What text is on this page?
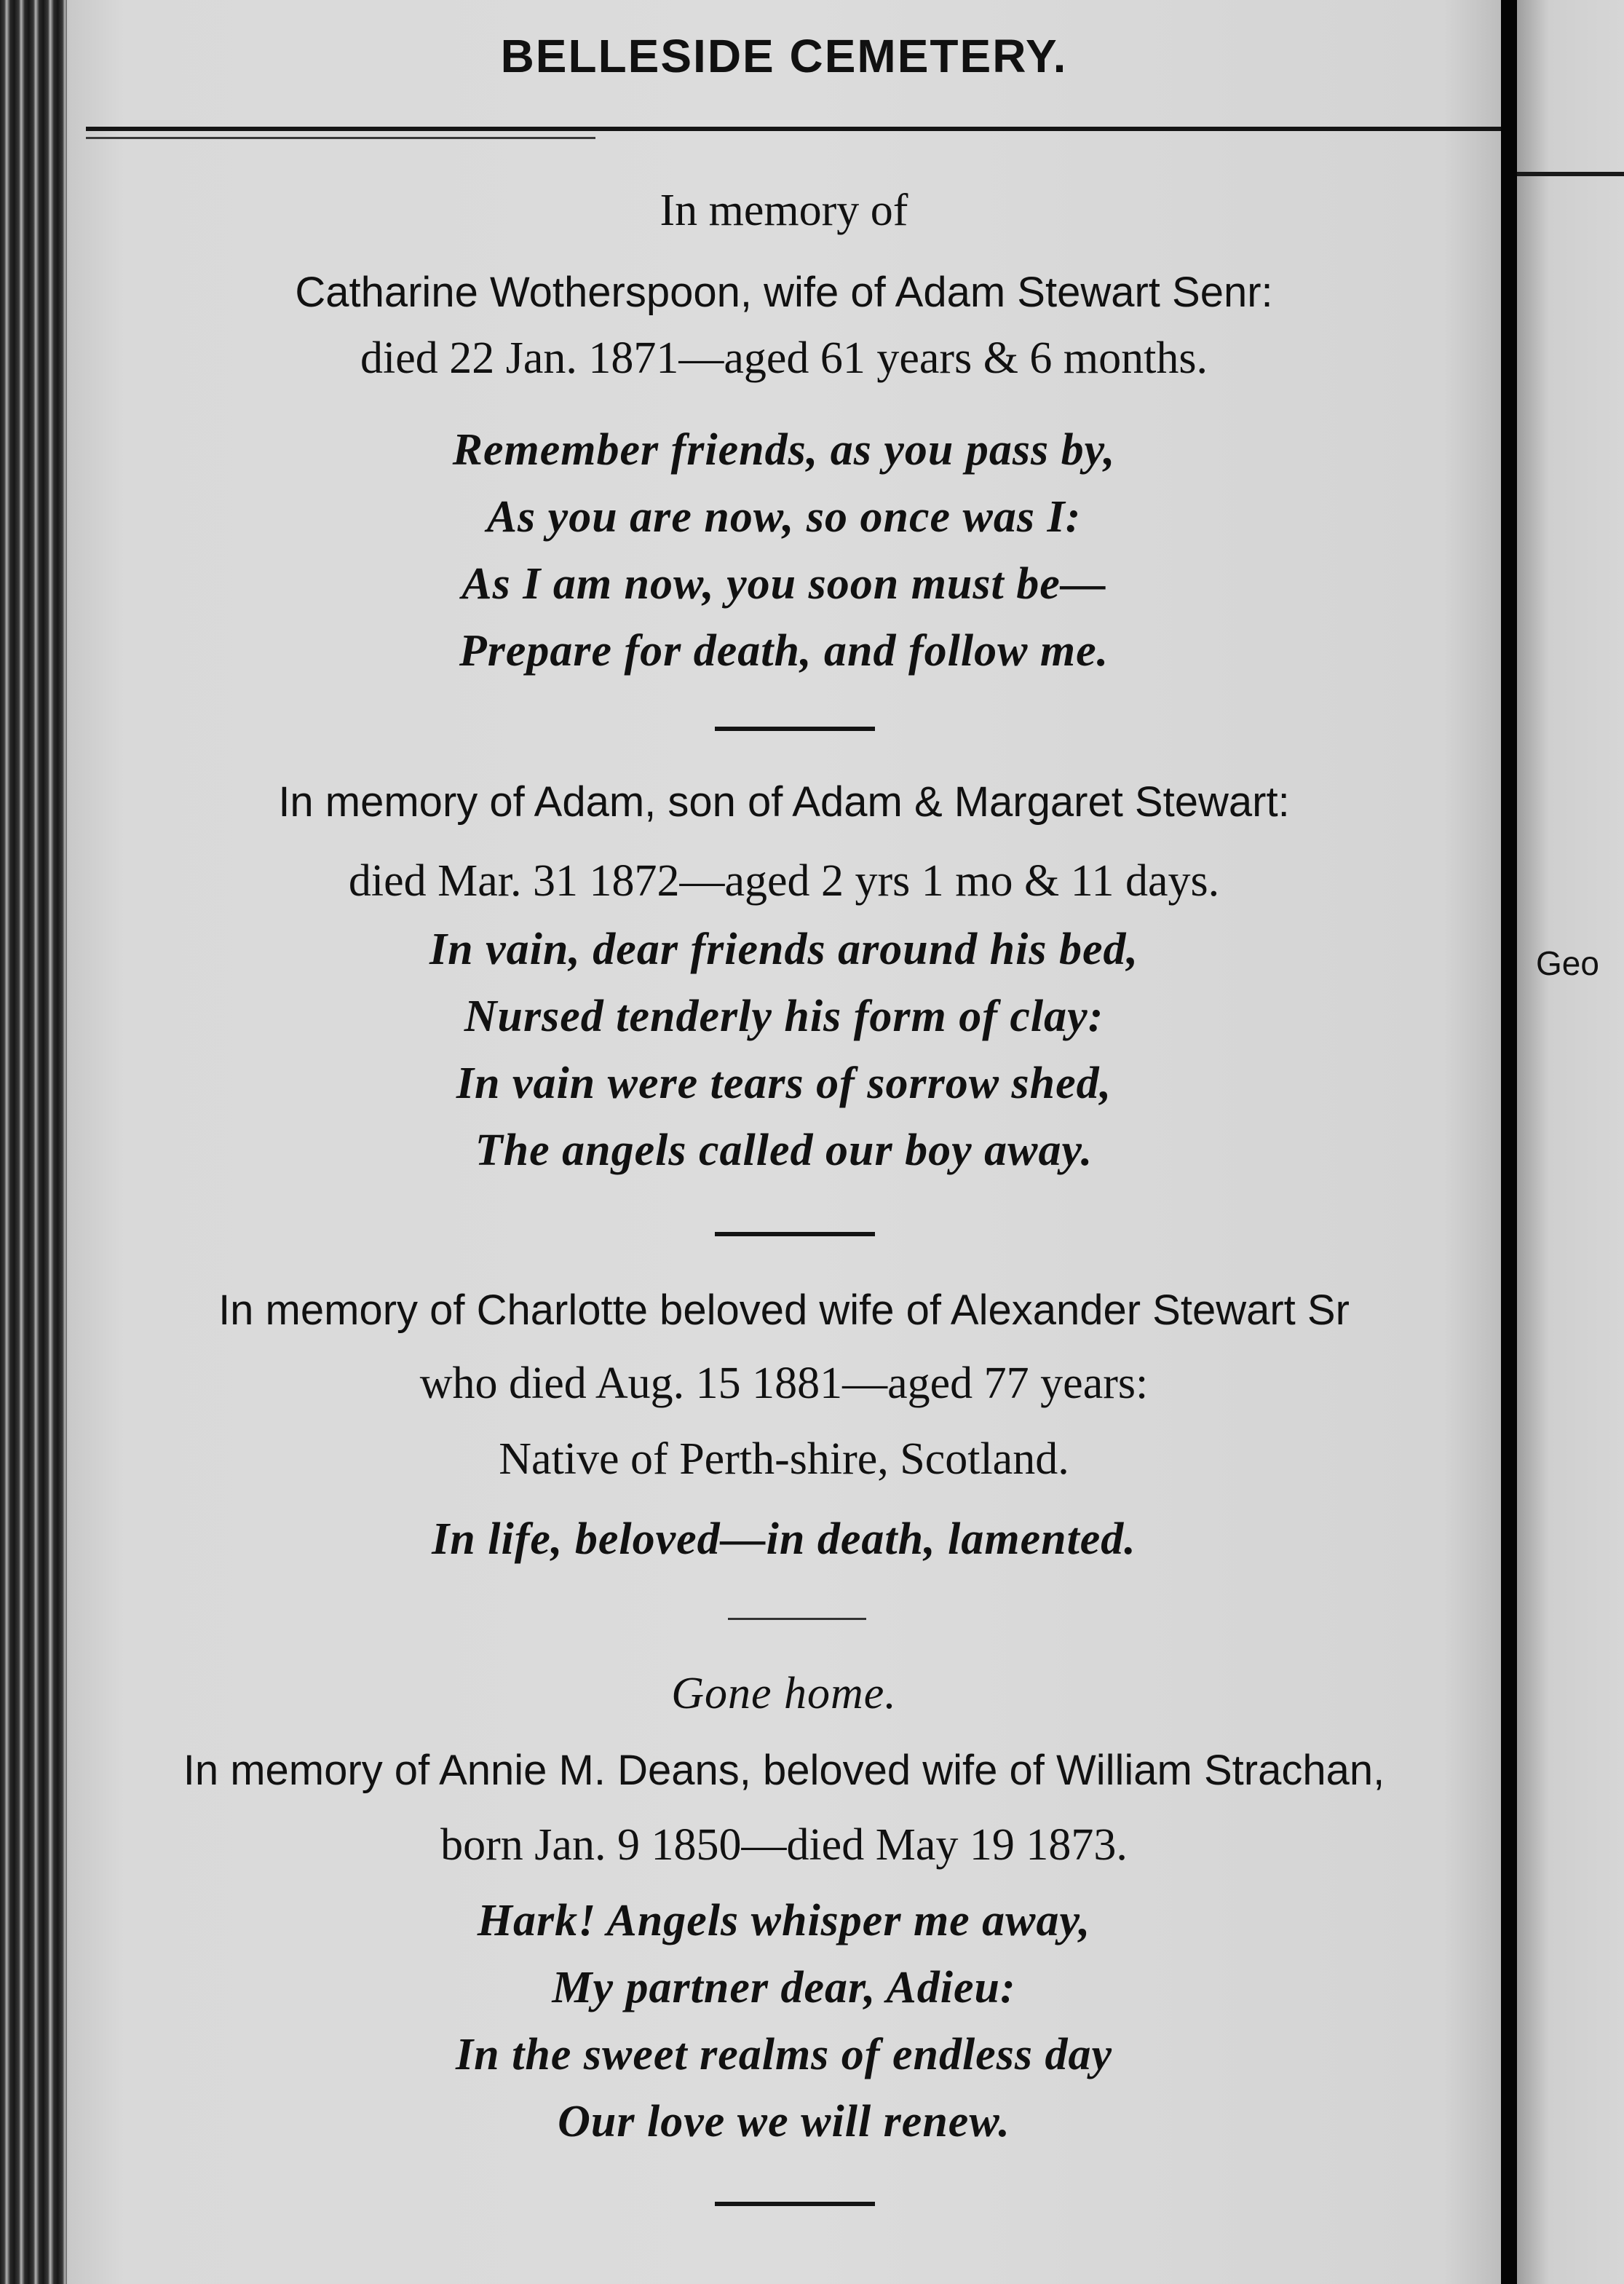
Geo
BELLESIDE CEMETERY.
In memory of
Catharine Wotherspoon, wife of Adam Stewart Senr:
died 22 Jan. 1871—aged 61 years & 6 months.
Remember friends, as you pass by,
As you are now, so once was I:
As I am now, you soon must be—
Prepare for death, and follow me.
In memory of Adam, son of Adam & Margaret Stewart:
died Mar. 31 1872—aged 2 yrs 1 mo & 11 days.
In vain, dear friends around his bed,
Nursed tenderly his form of clay:
In vain were tears of sorrow shed,
The angels called our boy away.
In memory of Charlotte beloved wife of Alexander Stewart Sr
who died Aug. 15 1881—aged 77 years:
Native of Perth-shire, Scotland.
In life, beloved—in death, lamented.
Gone home.
In memory of Annie M. Deans, beloved wife of William Strachan,
born Jan. 9 1850—died May 19 1873.
Hark! Angels whisper me away,
My partner dear, Adieu:
In the sweet realms of endless day
Our love we will renew.
